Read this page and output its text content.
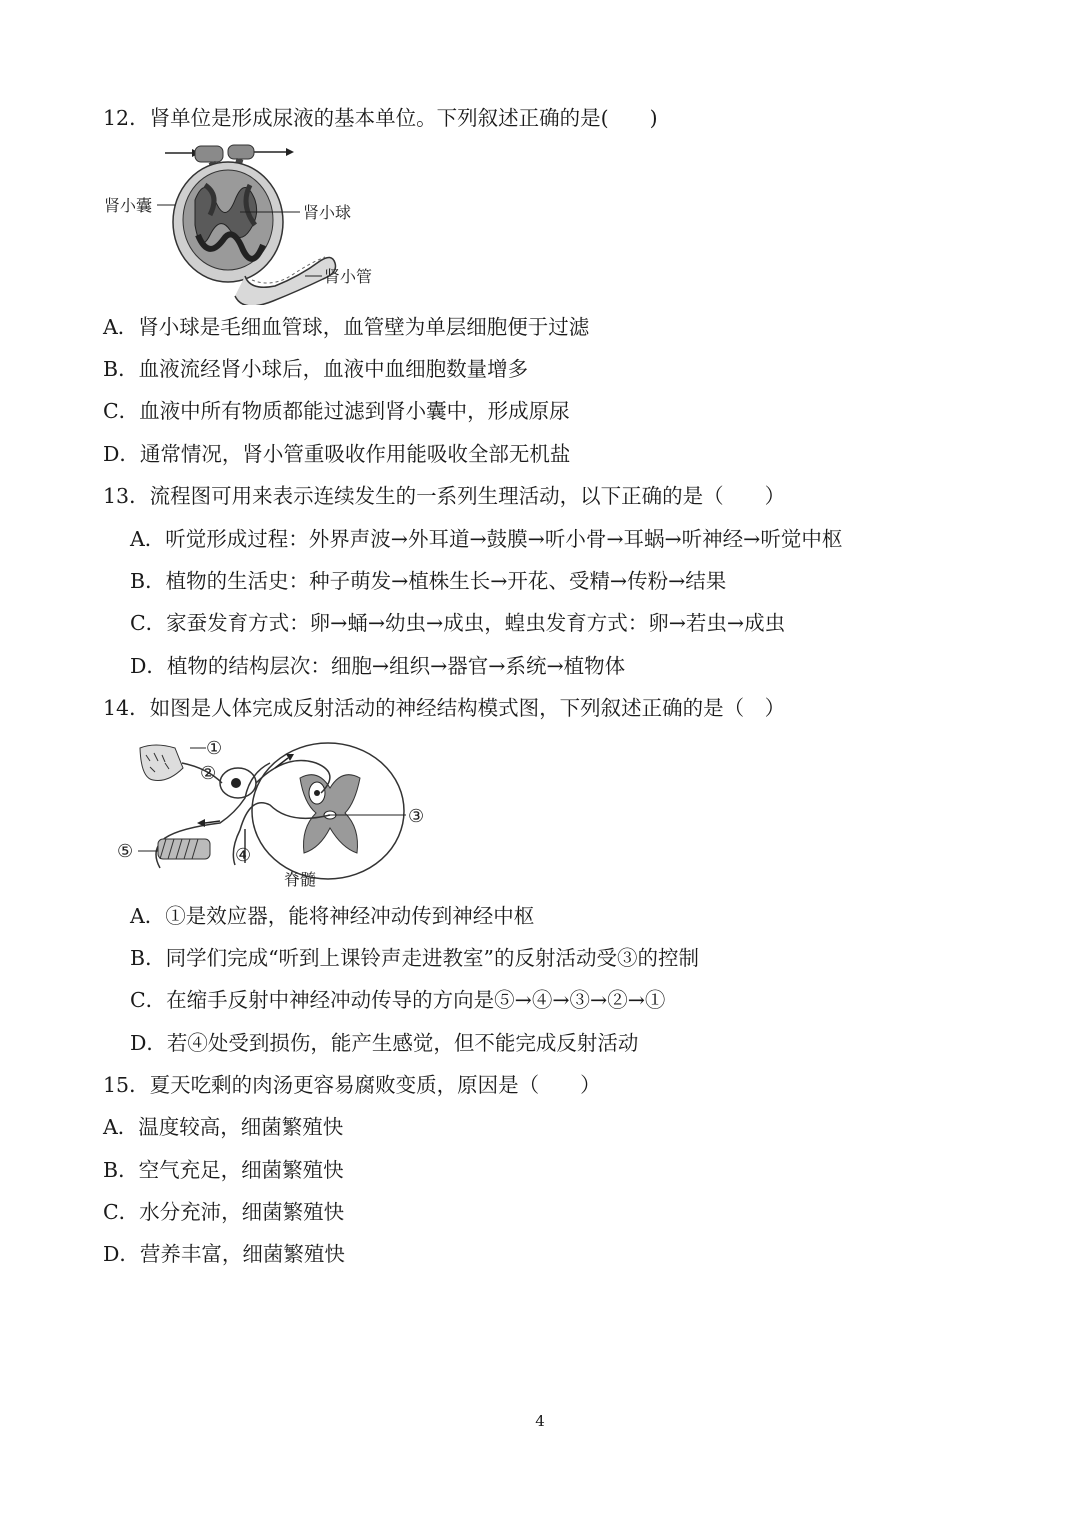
12．肾单位是形成尿液的基本单位。下列叙述正确的是(　　)
肾小囊	肾小球
肾小管
A．肾小球是毛细血管球，血管壁为单层细胞便于过滤
B．血液流经肾小球后，血液中血细胞数量增多
C．血液中所有物质都能过滤到肾小囊中，形成原尿
D．通常情况，肾小管重吸收作用能吸收全部无机盐
13．流程图可用来表示连续发生的一系列生理活动，以下正确的是（　　）
A．听觉形成过程：外界声波→外耳道→鼓膜→听小骨→耳蜗→听神经→听觉中枢
B．植物的生活史：种子萌发→植株生长→开花、受精→传粉→结果
C．家蚕发育方式：卵→蛹→幼虫→成虫，蝗虫发育方式：卵→若虫→成虫
D．植物的结构层次：细胞→组织→器官→系统→植物体
14．如图是人体完成反射活动的神经结构模式图，下列叙述正确的是（　）
①
②
③
④
⑤
脊髓
A．①是效应器，能将神经冲动传到神经中枢
B．同学们完成“听到上课铃声走进教室”的反射活动受③的控制
C．在缩手反射中神经冲动传导的方向是⑤→④→③→②→①
D．若④处受到损伤，能产生感觉，但不能完成反射活动
15．夏天吃剩的肉汤更容易腐败变质，原因是（　　）
A．温度较高，细菌繁殖快
B．空气充足，细菌繁殖快
C．水分充沛，细菌繁殖快
D．营养丰富，细菌繁殖快
4
